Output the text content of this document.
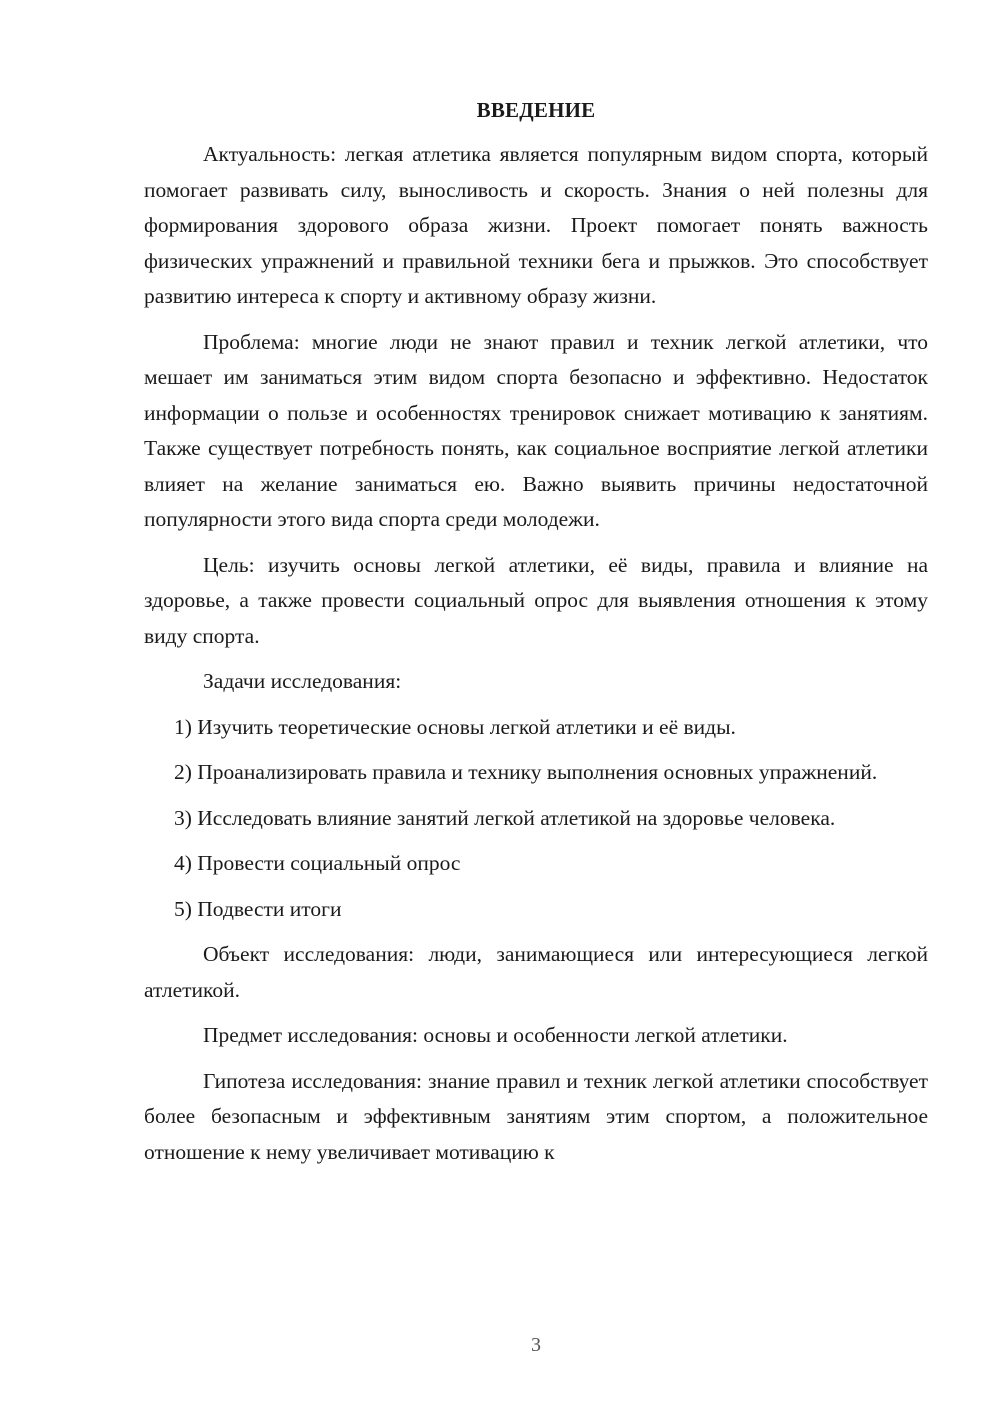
ВВЕДЕНИЕ

Актуальность: легкая атлетика является популярным видом спорта, который помогает развивать силу, выносливость и скорость. Знания о ней полезны для формирования здорового образа жизни. Проект помогает понять важность физических упражнений и правильной техники бега и прыжков. Это способствует развитию интереса к спорту и активному образу жизни.

Проблема: многие люди не знают правил и техник легкой атлетики, что мешает им заниматься этим видом спорта безопасно и эффективно. Недостаток информации о пользе и особенностях тренировок снижает мотивацию к занятиям. Также существует потребность понять, как социальное восприятие легкой атлетики влияет на желание заниматься ею. Важно выявить причины недостаточной популярности этого вида спорта среди молодежи.

Цель: изучить основы легкой атлетики, её виды, правила и влияние на здоровье, а также провести социальный опрос для выявления отношения к этому виду спорта.

Задачи исследования:

1) Изучить теоретические основы легкой атлетики и её виды.

2) Проанализировать правила и технику выполнения основных упражнений.

3) Исследовать влияние занятий легкой атлетикой на здоровье человека.

4) Провести социальный опрос

5) Подвести итоги

Объект исследования: люди, занимающиеся или интересующиеся легкой атлетикой.

Предмет исследования: основы и особенности легкой атлетики.

Гипотеза исследования: знание правил и техник легкой атлетики способствует более безопасным и эффективным занятиям этим спортом, а положительное отношение к нему увеличивает мотивацию к

3
